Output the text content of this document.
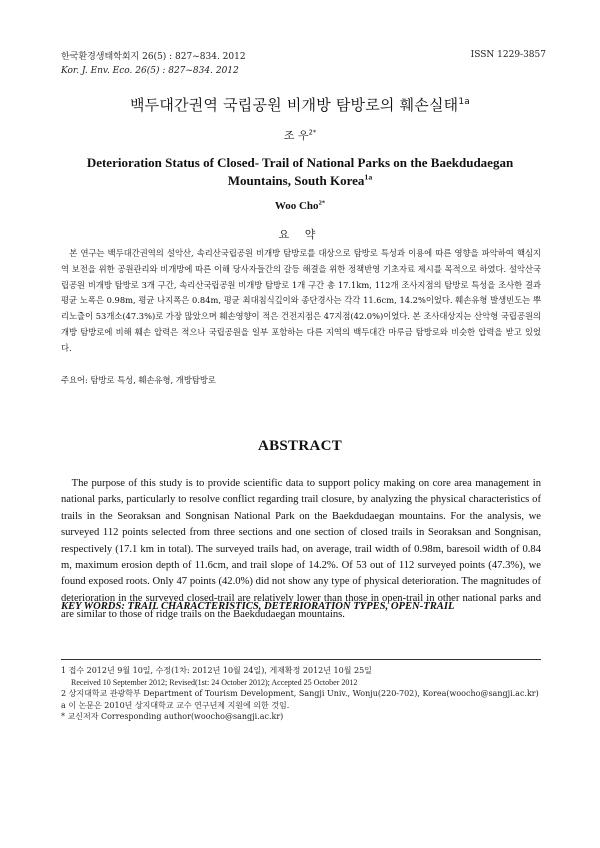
한국환경생태학회지 26(5) : 827~834. 2012
Kor. J. Env. Eco. 26(5) : 827~834. 2012
ISSN 1229-3857
백두대간권역 국립공원 비개방 탐방로의 훼손실태$^{1a}$
조 우$^{2*}$
Deterioration Status of Closed- Trail of National Parks on the Baekdudaegan
Mountains, South Korea$^{1a}$
Woo Cho$^{2*}$
요 약
본 연구는 백두대간권역의 설악산, 속리산국립공원 비개방 탐방로를 대상으로 탐방로 특성과 이용에 따른 영향을 파악하여 핵심지역 보전을 위한 공원관리와 비개방에 따른 이해 당사자들간의 갈등 해결을 위한 정책반영 기초자료 제시를 목적으로 하였다. 설악산국립공원 비개방 탐방로 3개 구간, 속리산국립공원 비개방 탐방로 1개 구간 총 17.1km, 112개 조사지점의 탐방로 특성을 조사한 결과 평균 노폭은 0.98m, 평균 나지폭은 0.84m, 평균 최대침식깊이와 종단경사는 각각 11.6cm, 14.2%이었다. 훼손유형 발생빈도는 뿌리노출이 53개소(47.3%)로 가장 많았으며 훼손영향이 적은 건전지점은 47지점(42.0%)이었다. 본 조사대상지는 산악형 국립공원의 개방 탐방로에 비해 훼손 압력은 적으나 국립공원을 일부 포함하는 다른 지역의 백두대간 마루금 탐방로와 비슷한 압력을 받고 있었다.
주요어: 탐방로 특성, 훼손유형, 개방탐방로
ABSTRACT
The purpose of this study is to provide scientific data to support policy making on core area management in national parks, particularly to resolve conflict regarding trail closure, by analyzing the physical characteristics of trails in the Seoraksan and Songnisan National Park on the Baekdudaegan mountains. For the analysis, we surveyed 112 points selected from three sections and one section of closed trails in Seoraksan and Songnisan, respectively (17.1 km in total). The surveyed trails had, on average, trail width of 0.98m, baresoil width of 0.84 m, maximum erosion depth of 11.6cm, and trail slope of 14.2%. Of 53 out of 112 surveyed points (47.3%), we found exposed roots. Only 47 points (42.0%) did not show any type of physical deterioration. The magnitudes of deterioration in the surveyed closed-trail are relatively lower than those in open-trail in other national parks and are similar to those of ridge trails on the Baekdudaegan mountains.
KEY WORDS: TRAIL CHARACTERISTICS, DETERIORATION TYPES, OPEN-TRAIL
1 접수 2012년 9월 10일, 수정(1차: 2012년 10월 24일), 게재확정 2012년 10월 25일
Received 10 September 2012; Revised(1st: 24 October 2012); Accepted 25 October 2012
2 상지대학교 관광학부 Department of Tourism Development, Sangji Univ., Wonju(220-702), Korea(woocho@sangji.ac.kr)
a 이 논문은 2010년 상지대학교 교수 연구년제 지원에 의한 것임.
* 교신저자 Corresponding author(woocho@sangji.ac.kr)
